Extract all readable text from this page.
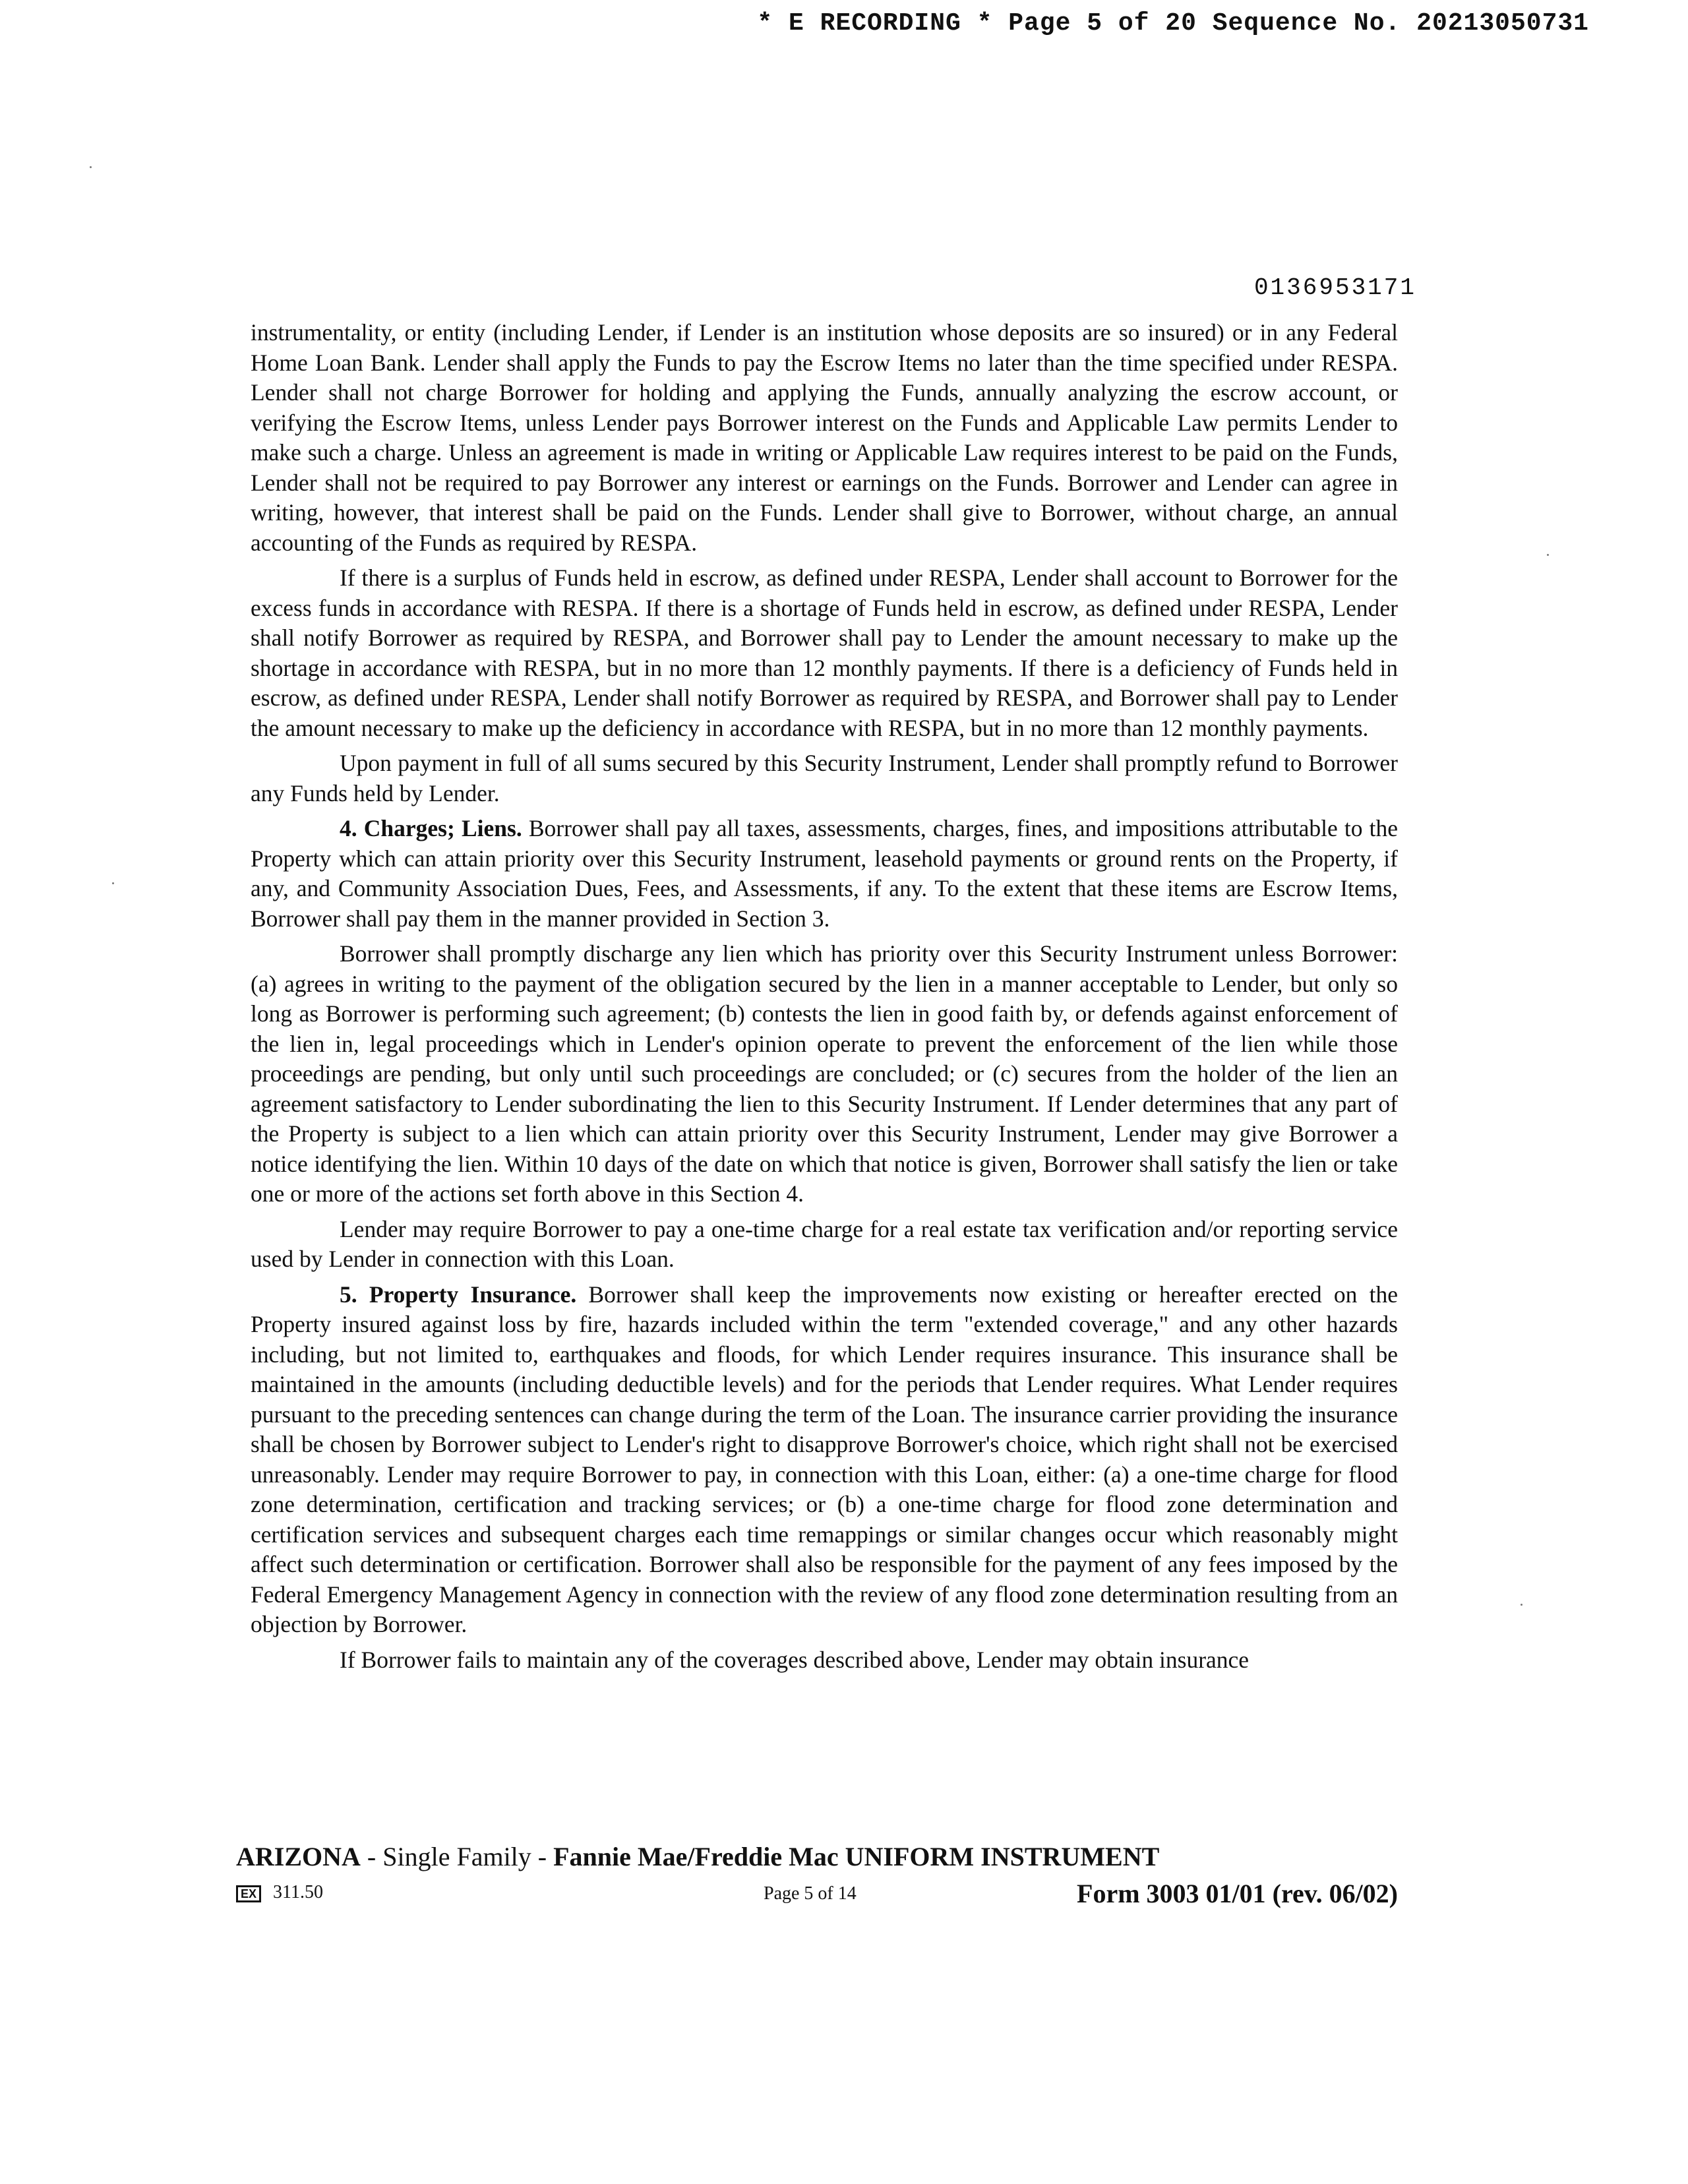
* E RECORDING * Page 5 of 20 Sequence No. 20213050731
0136953171

instrumentality, or entity (including Lender, if Lender is an institution whose deposits are so insured) or in any Federal Home Loan Bank. Lender shall apply the Funds to pay the Escrow Items no later than the time specified under RESPA. Lender shall not charge Borrower for holding and applying the Funds, annually analyzing the escrow account, or verifying the Escrow Items, unless Lender pays Borrower interest on the Funds and Applicable Law permits Lender to make such a charge. Unless an agreement is made in writing or Applicable Law requires interest to be paid on the Funds, Lender shall not be required to pay Borrower any interest or earnings on the Funds. Borrower and Lender can agree in writing, however, that interest shall be paid on the Funds. Lender shall give to Borrower, without charge, an annual accounting of the Funds as required by RESPA.

If there is a surplus of Funds held in escrow, as defined under RESPA, Lender shall account to Borrower for the excess funds in accordance with RESPA. If there is a shortage of Funds held in escrow, as defined under RESPA, Lender shall notify Borrower as required by RESPA, and Borrower shall pay to Lender the amount necessary to make up the shortage in accordance with RESPA, but in no more than 12 monthly payments. If there is a deficiency of Funds held in escrow, as defined under RESPA, Lender shall notify Borrower as required by RESPA, and Borrower shall pay to Lender the amount necessary to make up the deficiency in accordance with RESPA, but in no more than 12 monthly payments.

Upon payment in full of all sums secured by this Security Instrument, Lender shall promptly refund to Borrower any Funds held by Lender.

4. Charges; Liens. Borrower shall pay all taxes, assessments, charges, fines, and impositions attributable to the Property which can attain priority over this Security Instrument, leasehold payments or ground rents on the Property, if any, and Community Association Dues, Fees, and Assessments, if any. To the extent that these items are Escrow Items, Borrower shall pay them in the manner provided in Section 3.

Borrower shall promptly discharge any lien which has priority over this Security Instrument unless Borrower: (a) agrees in writing to the payment of the obligation secured by the lien in a manner acceptable to Lender, but only so long as Borrower is performing such agreement; (b) contests the lien in good faith by, or defends against enforcement of the lien in, legal proceedings which in Lender's opinion operate to prevent the enforcement of the lien while those proceedings are pending, but only until such proceedings are concluded; or (c) secures from the holder of the lien an agreement satisfactory to Lender subordinating the lien to this Security Instrument. If Lender determines that any part of the Property is subject to a lien which can attain priority over this Security Instrument, Lender may give Borrower a notice identifying the lien. Within 10 days of the date on which that notice is given, Borrower shall satisfy the lien or take one or more of the actions set forth above in this Section 4.

Lender may require Borrower to pay a one-time charge for a real estate tax verification and/or reporting service used by Lender in connection with this Loan.

5. Property Insurance. Borrower shall keep the improvements now existing or hereafter erected on the Property insured against loss by fire, hazards included within the term "extended coverage," and any other hazards including, but not limited to, earthquakes and floods, for which Lender requires insurance. This insurance shall be maintained in the amounts (including deductible levels) and for the periods that Lender requires. What Lender requires pursuant to the preceding sentences can change during the term of the Loan. The insurance carrier providing the insurance shall be chosen by Borrower subject to Lender's right to disapprove Borrower's choice, which right shall not be exercised unreasonably. Lender may require Borrower to pay, in connection with this Loan, either: (a) a one-time charge for flood zone determination, certification and tracking services; or (b) a one-time charge for flood zone determination and certification services and subsequent charges each time remappings or similar changes occur which reasonably might affect such determination or certification. Borrower shall also be responsible for the payment of any fees imposed by the Federal Emergency Management Agency in connection with the review of any flood zone determination resulting from an objection by Borrower.

If Borrower fails to maintain any of the coverages described above, Lender may obtain insurance

ARIZONA - Single Family - Fannie Mae/Freddie Mac UNIFORM INSTRUMENT
EX 311.50	Page 5 of 14	Form 3003 01/01 (rev. 06/02)
